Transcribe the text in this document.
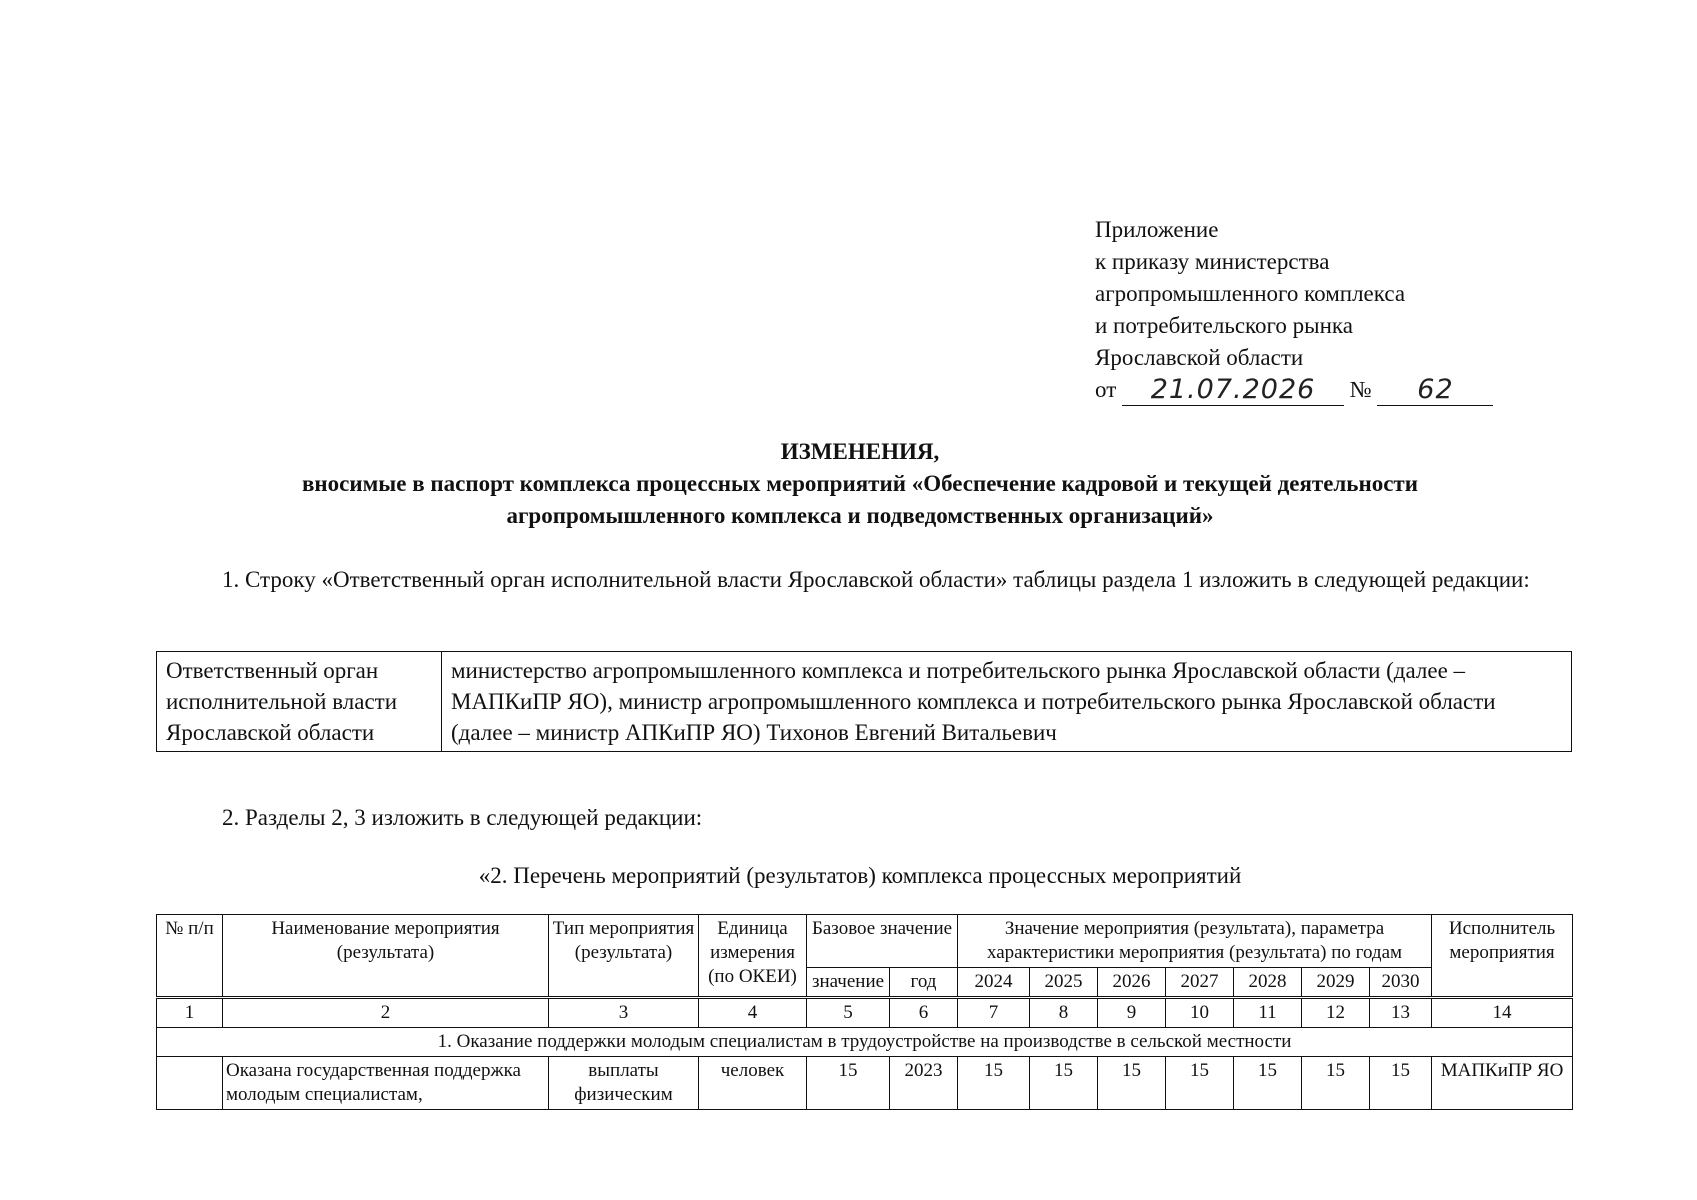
Приложение
к приказу министерства
агропромышленного комплекса
и потребительского рынка
Ярославской области
от 21.07.2026 № 62
ИЗМЕНЕНИЯ,
вносимые в паспорт комплекса процессных мероприятий «Обеспечение кадровой и текущей деятельности
агропромышленного комплекса и подведомственных организаций»
1. Строку «Ответственный орган исполнительной власти Ярославской области» таблицы раздела 1 изложить в следующей редакции:
Ответственный орган исполнительной власти Ярославской области	министерство агропромышленного комплекса и потребительского рынка Ярославской области (далее – МАПКиПР ЯО), министр агропромышленного комплекса и потребительского рынка Ярославской области (далее – министр АПКиПР ЯО) Тихонов Евгений Витальевич
2. Разделы 2, 3 изложить в следующей редакции:
«2. Перечень мероприятий (результатов) комплекса процессных мероприятий
№ п/п	Наименование мероприятия (результата)	Тип мероприятия (результата)	Единица измерения (по ОКЕИ)	Базовое значение		Значение мероприятия (результата), параметра характеристики мероприятия (результата) по годам							Исполнитель мероприятия
				значение	год	2024	2025	2026	2027	2028	2029	2030	
1	2	3	4	5	6	7	8	9	10	11	12	13	14
1. Оказание поддержки молодым специалистам в трудоустройстве на производстве в сельской местности													
	Оказана государственная поддержка молодым специалистам,	выплаты физическим	человек	15	2023	15	15	15	15	15	15	15	МАПКиПР ЯО
